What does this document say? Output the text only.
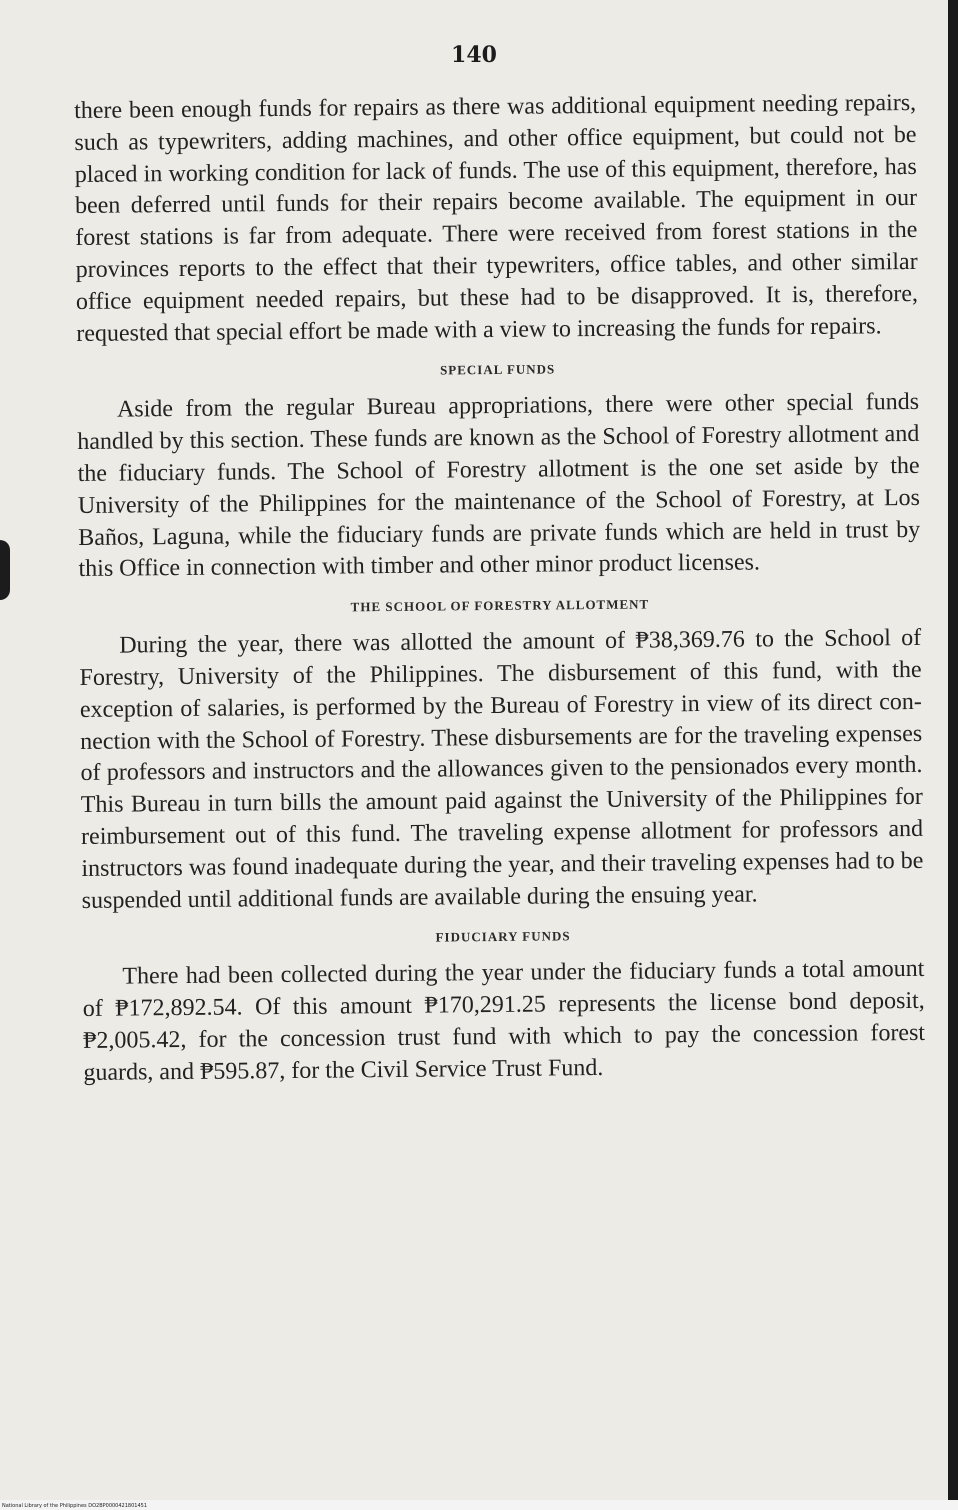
140

there been enough funds for repairs as there was additional equipment needing repairs, such as typewriters, adding machines, and other office equipment, but could not be placed in working condition for lack of funds. The use of this equipment, therefore, has been deferred until funds for their repairs become available. The equipment in our forest stations is far from adequate. There were received from forest stations in the provinces reports to the effect that their typewriters, office tables, and other similar office equipment needed repairs, but these had to be disapproved. It is, therefore, requested that special effort be made with a view to increasing the funds for repairs.

SPECIAL FUNDS

Aside from the regular Bureau appropriations, there were other special funds handled by this section. These funds are known as the School of Forestry allotment and the fiduciary funds. The School of Forestry allotment is the one set aside by the University of the Philippines for the maintenance of the School of Forestry, at Los Baños, Laguna, while the fiduciary funds are private funds which are held in trust by this Office in connection with timber and other minor product licenses.

THE SCHOOL OF FORESTRY ALLOTMENT

During the year, there was allotted the amount of ₱38,369.76 to the School of Forestry, University of the Philippines. The disbursement of this fund, with the exception of salaries, is performed by the Bureau of Forestry in view of its direct connection with the School of Forestry. These disbursements are for the traveling expenses of professors and instructors and the allowances given to the pensionados every month. This Bureau in turn bills the amount paid against the University of the Philippines for reimbursement out of this fund. The traveling expense allotment for professors and instructors was found inadequate during the year, and their traveling expenses had to be suspended until additional funds are available during the ensuing year.

FIDUCIARY FUNDS

There had been collected during the year under the fiduciary funds a total amount of ₱172,892.54. Of this amount ₱170,291.25 represents the license bond deposit, ₱2,005.42, for the concession trust fund with which to pay the concession forest guards, and ₱595.87, for the Civil Service Trust Fund.

National Library of the Philippines DO2BP0000421801451
